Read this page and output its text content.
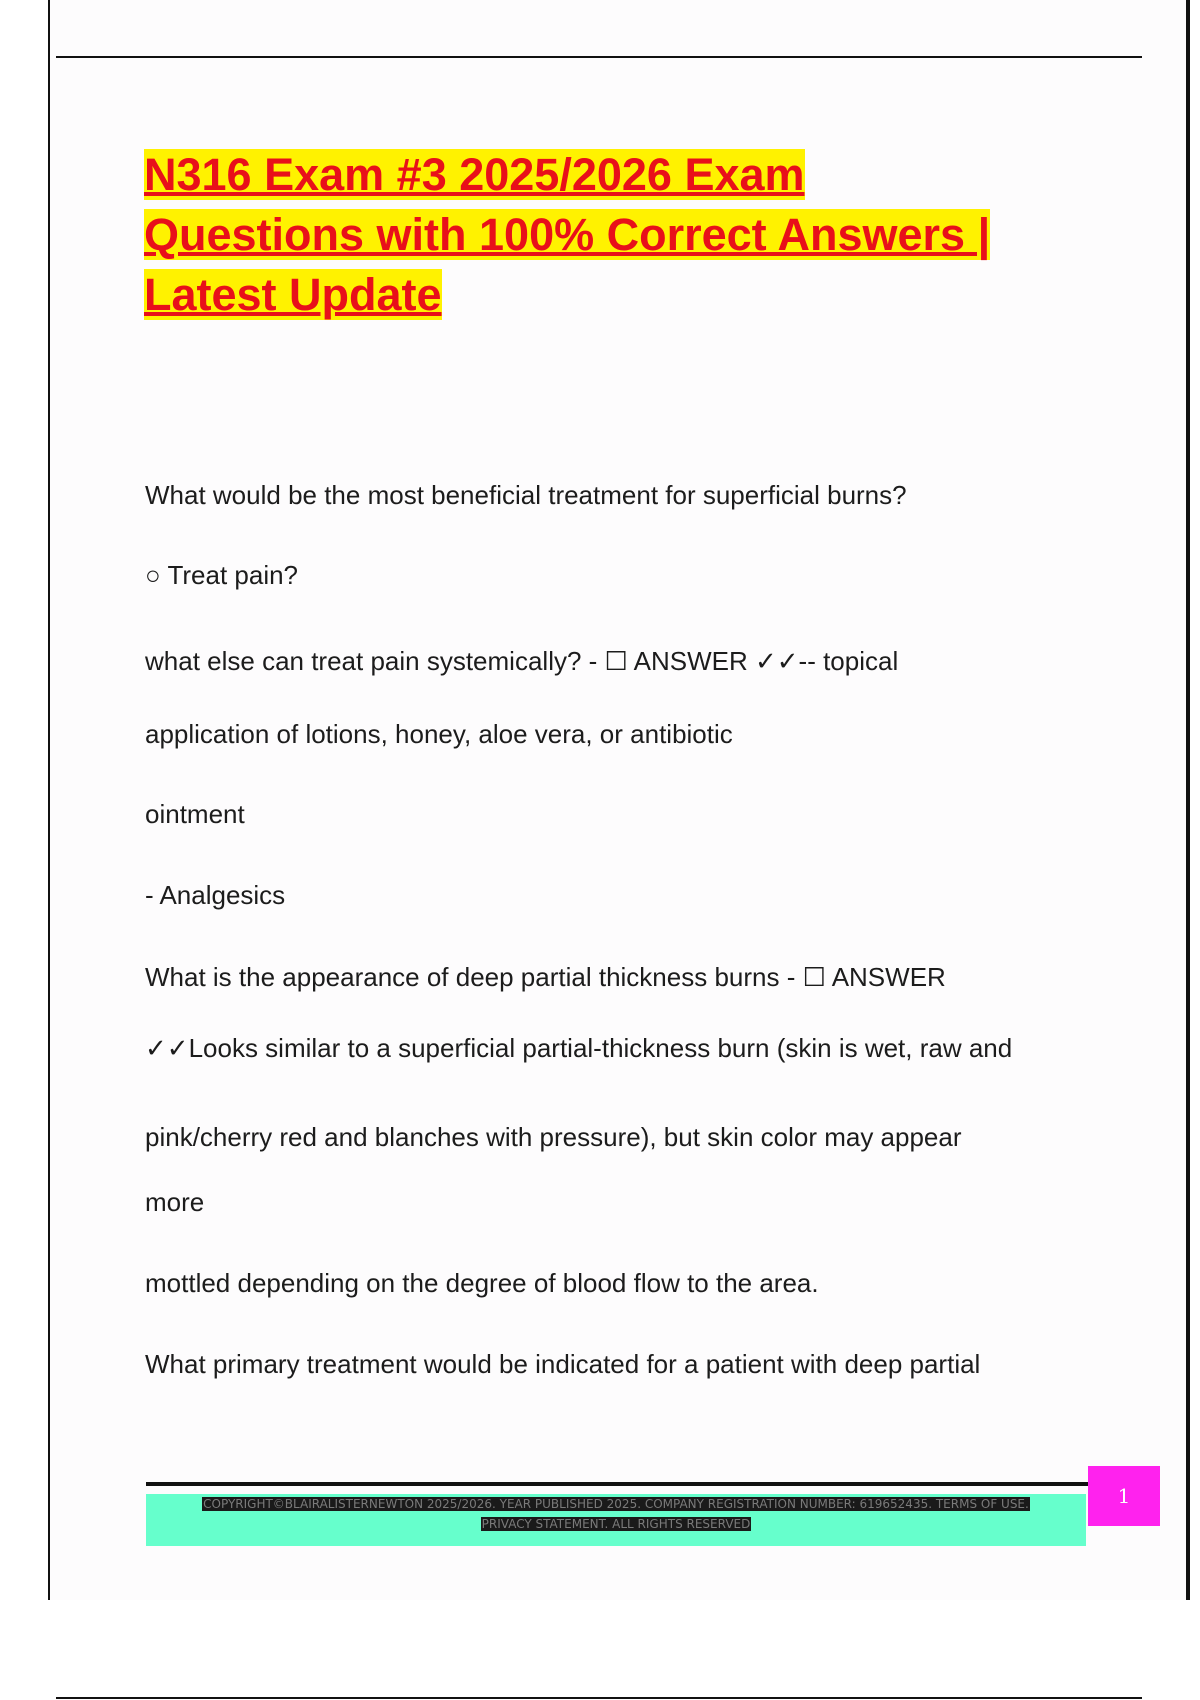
N316 Exam #3 2025/2026 Exam
Questions with 100% Correct Answers |
Latest Update
What would be the most beneficial treatment for superficial burns?
○ Treat pain?
what else can treat pain systemically? - ☐ ANSWER ✓✓-- topical
application of lotions, honey, aloe vera, or antibiotic
ointment
- Analgesics
What is the appearance of deep partial thickness burns - ☐ ANSWER
✓✓Looks similar to a superficial partial-thickness burn (skin is wet, raw and
pink/cherry red and blanches with pressure), but skin color may appear
more
mottled depending on the degree of blood flow to the area.
What primary treatment would be indicated for a patient with deep partial
COPYRIGHT©BLAIRALISTERNEWTON 2025/2026. YEAR PUBLISHED 2025. COMPANY REGISTRATION NUMBER: 619652435. TERMS OF USE.
PRIVACY STATEMENT. ALL RIGHTS RESERVED
1
